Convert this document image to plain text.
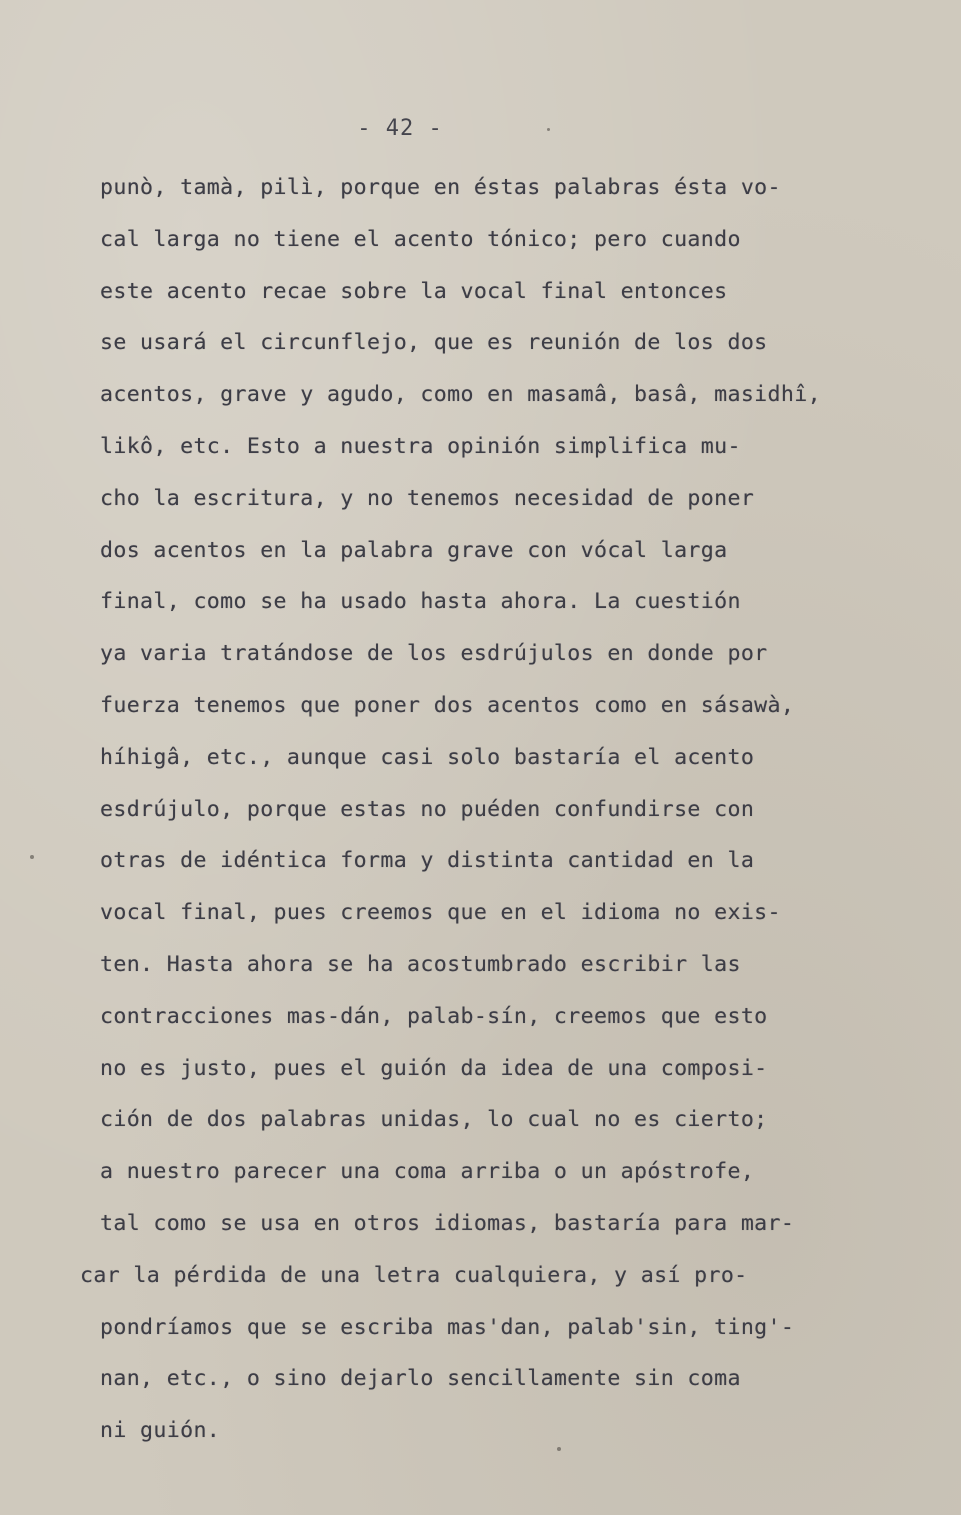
- 42 -
punò, tamà, pilì, porque en éstas palabras ésta vo-
cal larga no tiene el acento tónico; pero cuando
este acento recae sobre la vocal final entonces
se usará el circunflejo, que es reunión de los dos
acentos, grave y agudo, como en masamâ, basâ, masidhî,
likô, etc. Esto a nuestra opinión simplifica mu-
cho la escritura, y no tenemos necesidad de poner
dos acentos en la palabra grave con vócal larga
final, como se ha usado hasta ahora. La cuestión
ya varia tratándose de los esdrújulos en donde por
fuerza tenemos que poner dos acentos como en sásawà,
híhigâ, etc., aunque casi solo bastaría el acento
esdrújulo, porque estas no puéden confundirse con
otras de idéntica forma y distinta cantidad en la
vocal final, pues creemos que en el idioma no exis-
ten. Hasta ahora se ha acostumbrado escribir las
contracciones mas-dán, palab-sín, creemos que esto
no es justo, pues el guión da idea de una composi-
ción de dos palabras unidas, lo cual no es cierto;
a nuestro parecer una coma arriba o un apóstrofe,
tal como se usa en otros idiomas, bastaría para mar-
car la pérdida de una letra cualquiera, y así pro-
pondríamos que se escriba mas'dan, palab'sin, ting'-
nan, etc., o sino dejarlo sencillamente sin coma
ni guión.
